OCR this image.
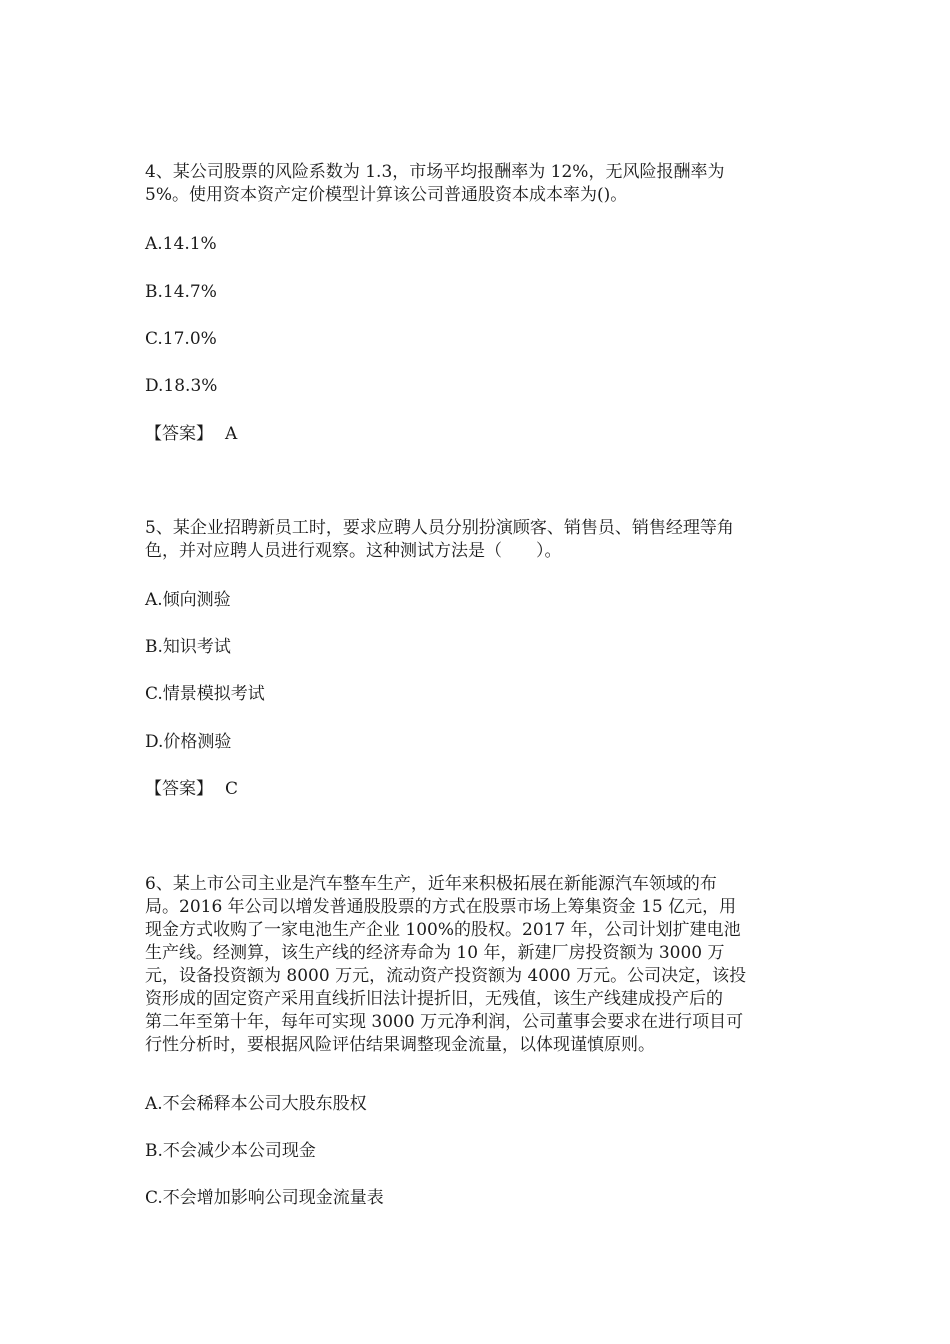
4、某公司股票的风险系数为 1.3，市场平均报酬率为 12%，无风险报酬率为
5%。使用资本资产定价模型计算该公司普通股资本成本率为()。
A.14.1%
B.14.7%
C.17.0%
D.18.3%
【答案】 A
5、某企业招聘新员工时，要求应聘人员分别扮演顾客、销售员、销售经理等角
色，并对应聘人员进行观察。这种测试方法是（　　）。
A.倾向测验
B.知识考试
C.情景模拟考试
D.价格测验
【答案】 C
6、某上市公司主业是汽车整车生产，近年来积极拓展在新能源汽车领域的布
局。2016 年公司以增发普通股股票的方式在股票市场上筹集资金 15 亿元，用
现金方式收购了一家电池生产企业 100%的股权。2017 年，公司计划扩建电池
生产线。经测算，该生产线的经济寿命为 10 年，新建厂房投资额为 3000 万
元，设备投资额为 8000 万元，流动资产投资额为 4000 万元。公司决定，该投
资形成的固定资产采用直线折旧法计提折旧，无残值，该生产线建成投产后的
第二年至第十年，每年可实现 3000 万元净利润，公司董事会要求在进行项目可
行性分析时，要根据风险评估结果调整现金流量，以体现谨慎原则。
A.不会稀释本公司大股东股权
B.不会减少本公司现金
C.不会增加影响公司现金流量表
